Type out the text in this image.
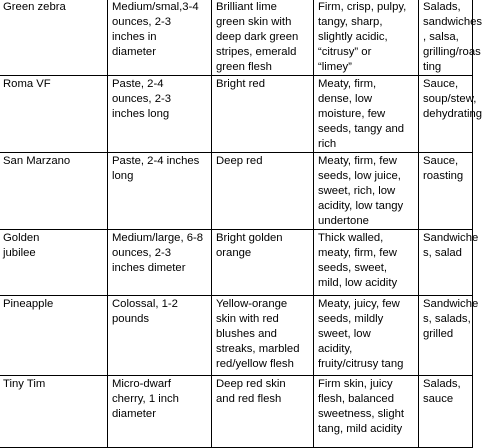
Green zebra	Medium/smal,3-4
ounces, 2-3
inches in
diameter	Brilliant lime
green skin with
deep dark green
stripes, emerald
green flesh	Firm, crisp, pulpy,
tangy, sharp,
slightly acidic,
“citrusy” or
“limey”	Salads,
sandwiches
, salsa,
grilling/roas
ting

Roma VF	Paste, 2-4
ounces, 2-3
inches long	Bright red	Meaty, firm,
dense, low
moisture, few
seeds, tangy and
rich	Sauce,
soup/stew,
dehydrating

San Marzano	Paste, 2-4 inches
long	Deep red	Meaty, firm, few
seeds, low juice,
sweet, rich, low
acidity, low tangy
undertone	Sauce,
roasting

Golden
jubilee	Medium/large, 6-8
ounces, 2-3
inches dimeter	Bright golden
orange	Thick walled,
meaty, firm, few
seeds, sweet,
mild, low acidity	Sandwiche
s, salad

Pineapple	Colossal, 1-2
pounds	Yellow-orange
skin with red
blushes and
streaks, marbled
red/yellow flesh	Meaty, juicy, few
seeds, mildly
sweet, low
acidity,
fruity/citrusy tang	Sandwiche
s, salads,
grilled

Tiny Tim	Micro-dwarf
cherry, 1 inch
diameter	Deep red skin
and red flesh	Firm skin, juicy
flesh, balanced
sweetness, slight
tang, mild acidity	Salads,
sauce
